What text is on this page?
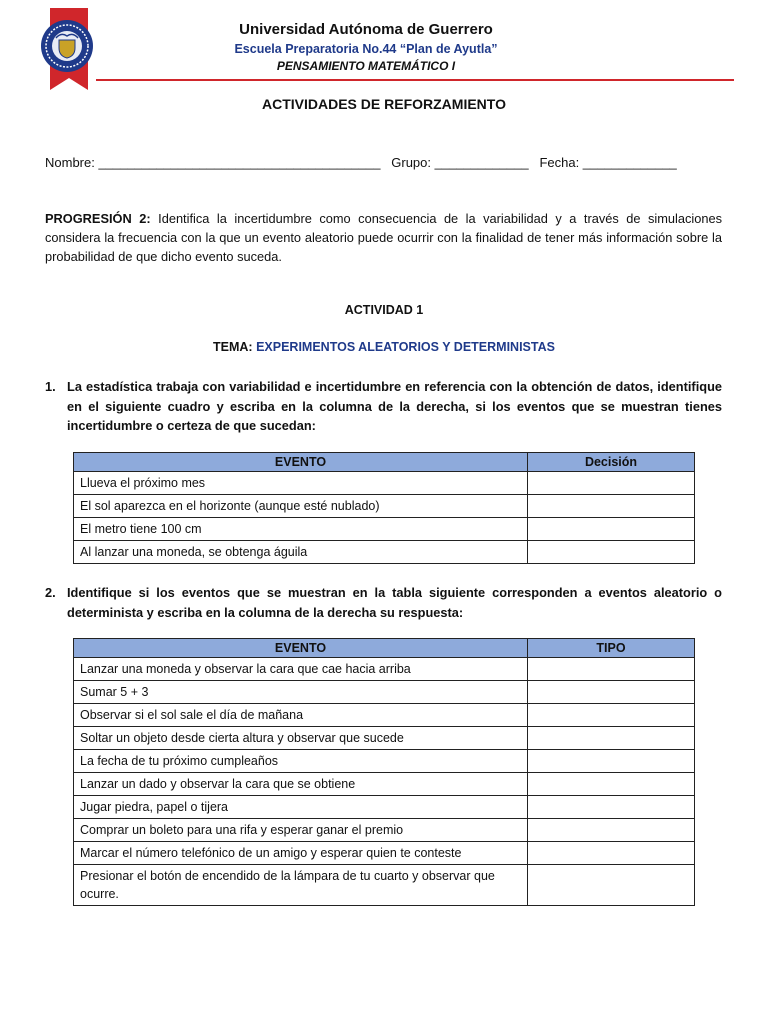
Universidad Autónoma de Guerrero
Escuela Preparatoria No.44 “Plan de Ayutla”
PENSAMIENTO MATEMÁTICO I
ACTIVIDADES DE REFORZAMIENTO
Nombre: _______________________________________   Grupo: _____________   Fecha: _____________
PROGRESIÓN 2: Identifica la incertidumbre como consecuencia de la variabilidad y a través de simulaciones considera la frecuencia con la que un evento aleatorio puede ocurrir con la finalidad de tener más información sobre la probabilidad de que dicho evento suceda.
ACTIVIDAD 1
TEMA: EXPERIMENTOS ALEATORIOS Y DETERMINISTAS
1. La estadística trabaja con variabilidad e incertidumbre en referencia con la obtención de datos, identifique en el siguiente cuadro y escriba en la columna de la derecha, si los eventos que se muestran tienes incertidumbre o certeza de que sucedan:
EVENTO	Decisión
Llueva el próximo mes	
El sol aparezca en el horizonte (aunque esté nublado)	
El metro tiene 100 cm	
Al lanzar una moneda, se obtenga águila	
2. Identifique si los eventos que se muestran en la tabla siguiente corresponden a eventos aleatorio o determinista y escriba en la columna de la derecha su respuesta:
EVENTO	TIPO
Lanzar una moneda y observar la cara que cae hacia arriba	
Sumar 5 + 3	
Observar si el sol sale el día de mañana	
Soltar un objeto desde cierta altura y observar que sucede	
La fecha de tu próximo cumpleaños	
Lanzar un dado y observar la cara que se obtiene	
Jugar piedra, papel o tijera	
Comprar un boleto para una rifa y esperar ganar el premio	
Marcar el número telefónico de un amigo y esperar quien te conteste	
Presionar el botón de encendido de la lámpara de tu cuarto y observar que ocurre.	
